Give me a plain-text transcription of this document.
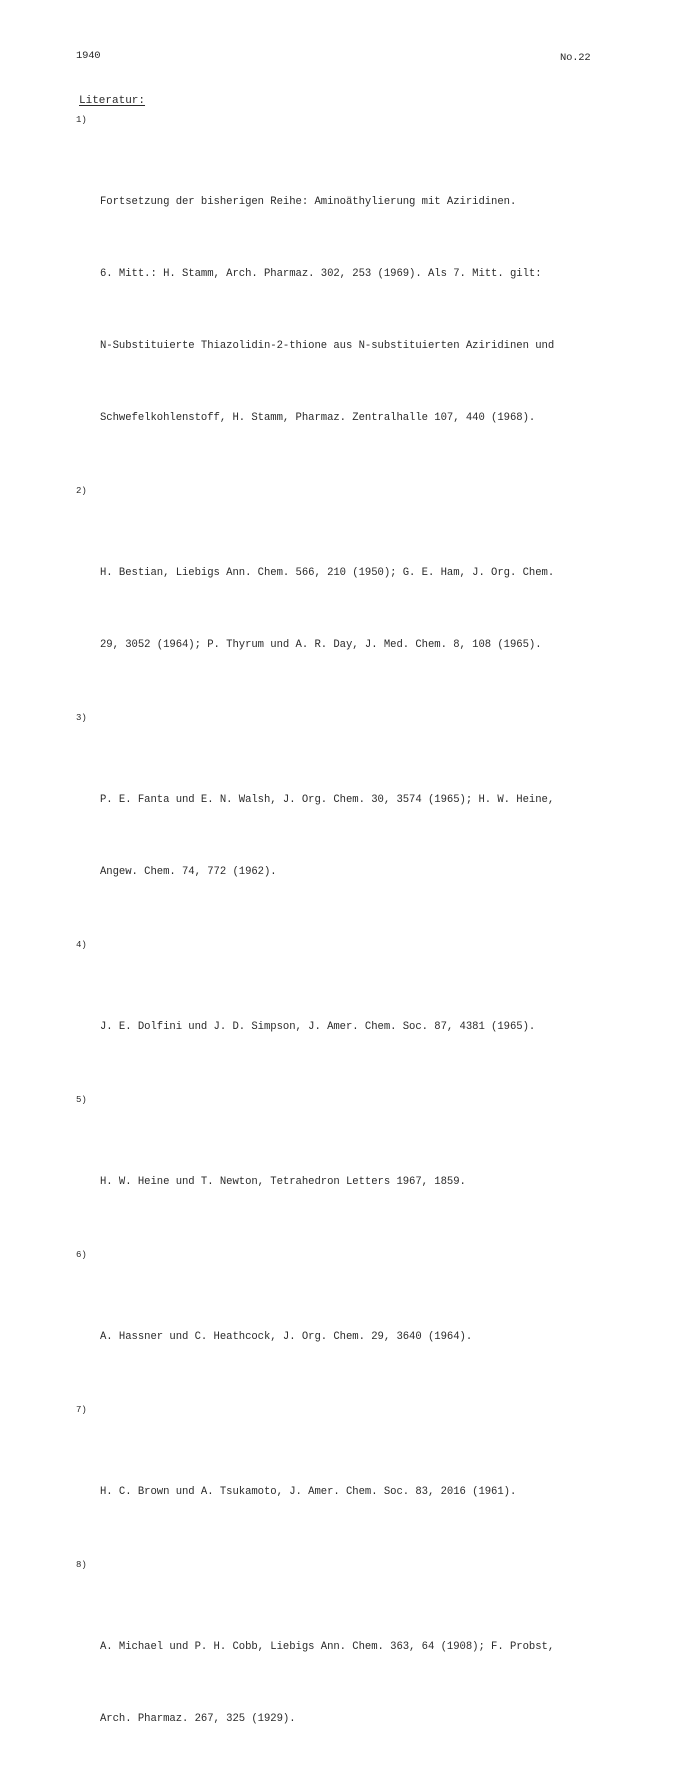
1940	No.22
Literatur:

1)

Fortsetzung der bisherigen Reihe: Aminoäthylierung mit Aziridinen.

6. Mitt.: H. Stamm, Arch. Pharmaz. 302, 253 (1969). Als 7. Mitt. gilt:

N-Substituierte Thiazolidin-2-thione aus N-substituierten Aziridinen und

Schwefelkohlenstoff, H. Stamm, Pharmaz. Zentralhalle 107, 440 (1968).

2)

H. Bestian, Liebigs Ann. Chem. 566, 210 (1950); G. E. Ham, J. Org. Chem.

29, 3052 (1964); P. Thyrum und A. R. Day, J. Med. Chem. 8, 108 (1965).

3)

P. E. Fanta und E. N. Walsh, J. Org. Chem. 30, 3574 (1965); H. W. Heine,

Angew. Chem. 74, 772 (1962).

4)

J. E. Dolfini und J. D. Simpson, J. Amer. Chem. Soc. 87, 4381 (1965).

5)

H. W. Heine und T. Newton, Tetrahedron Letters 1967, 1859.

6)

A. Hassner und C. Heathcock, J. Org. Chem. 29, 3640 (1964).

7)

H. C. Brown und A. Tsukamoto, J. Amer. Chem. Soc. 83, 2016 (1961).

8)

A. Michael und P. H. Cobb, Liebigs Ann. Chem. 363, 64 (1908); F. Probst,

Arch. Pharmaz. 267, 325 (1929).
